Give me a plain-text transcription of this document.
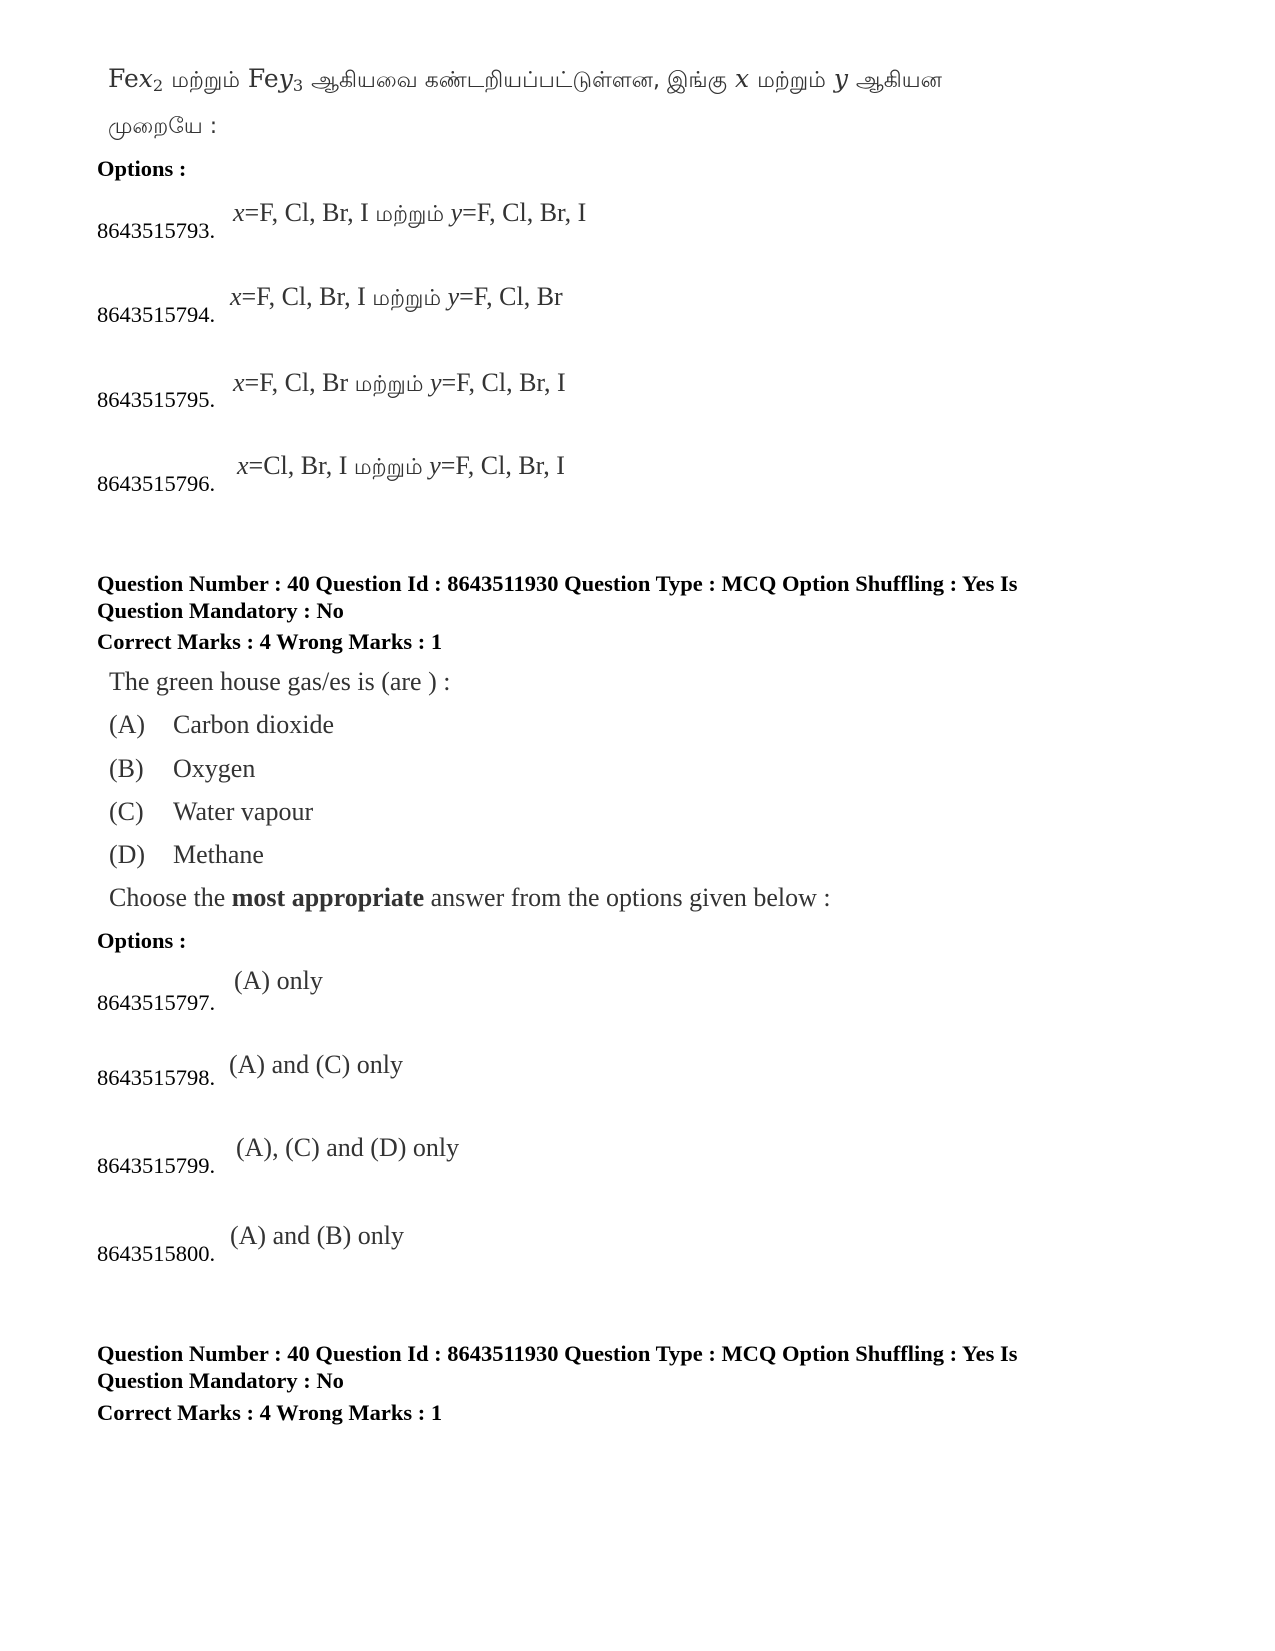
Fex$_2$ மற்றும் Fey$_3$ ஆகியவை கண்டறியப்பட்டுள்ளன, இங்கு x மற்றும் y ஆகியன
முறையே :
Options :
8643515793.
x=F, Cl, Br, I மற்றும் y=F, Cl, Br, I
8643515794.
x=F, Cl, Br, I மற்றும் y=F, Cl, Br
8643515795.
x=F, Cl, Br மற்றும் y=F, Cl, Br, I
8643515796.
x=Cl, Br, I மற்றும் y=F, Cl, Br, I
Question Number : 40 Question Id : 8643511930 Question Type : MCQ Option Shuffling : Yes Is
Question Mandatory : No
Correct Marks : 4 Wrong Marks : 1
The green house gas/es is (are ) :
(A) Carbon dioxide
(B) Oxygen
(C) Water vapour
(D) Methane
Choose the most appropriate answer from the options given below :
Options :
8643515797.
(A) only
8643515798. (A) and (C) only
8643515799.
(A), (C) and (D) only
8643515800.
(A) and (B) only
Question Number : 40 Question Id : 8643511930 Question Type : MCQ Option Shuffling : Yes Is
Question Mandatory : No
Correct Marks : 4 Wrong Marks : 1
